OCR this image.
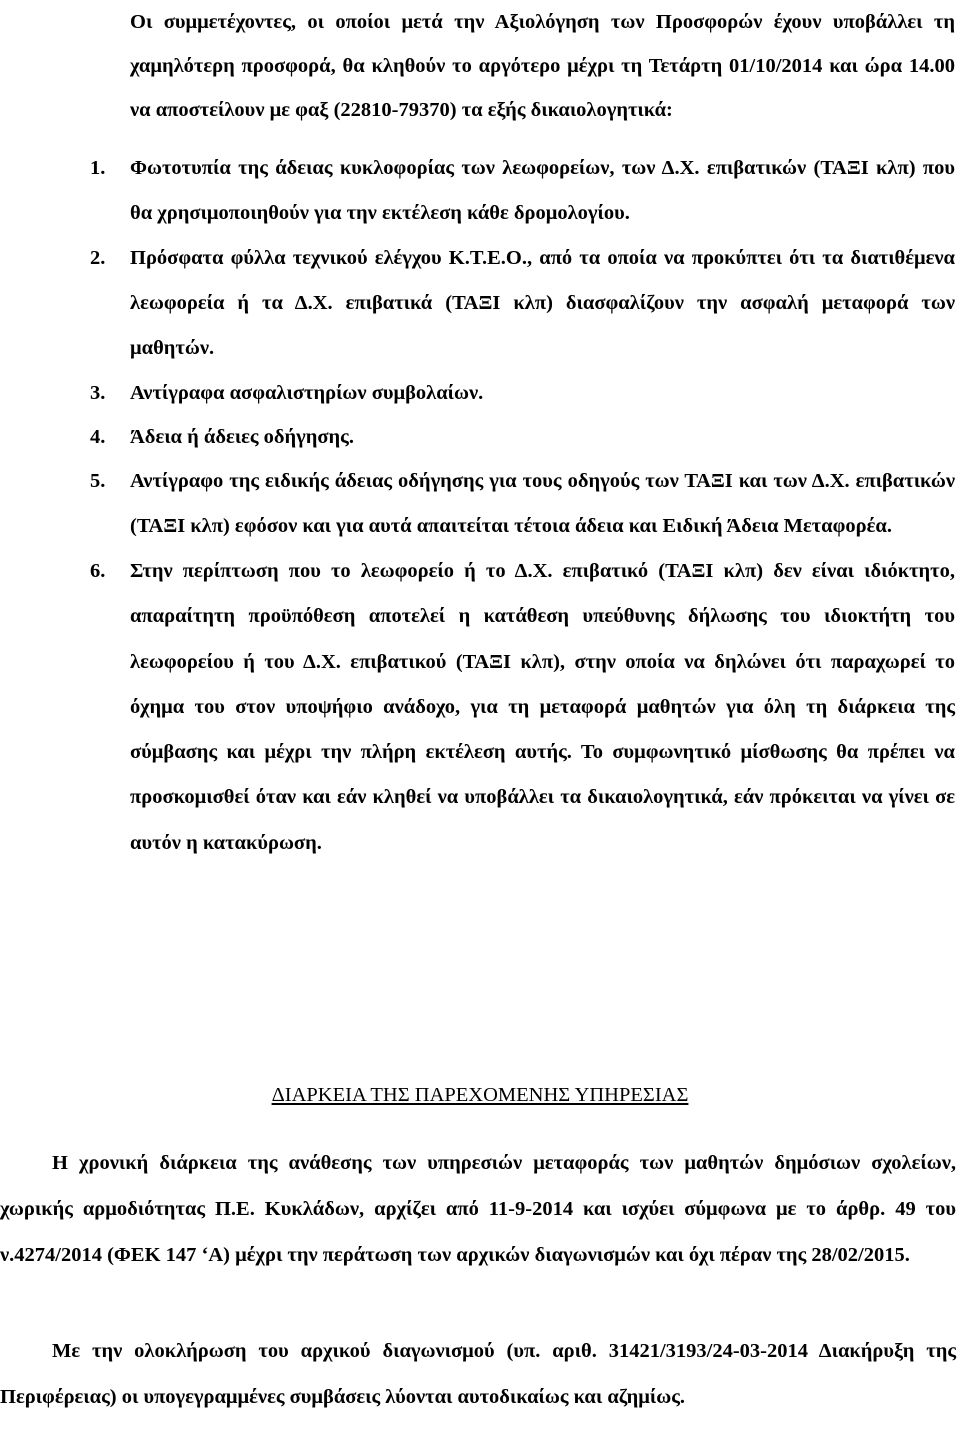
Οι συμμετέχοντες, οι οποίοι μετά την Αξιολόγηση των Προσφορών έχουν υποβάλλει τη χαμηλότερη προσφορά, θα κληθούν το αργότερο μέχρι τη Τετάρτη 01/10/2014 και ώρα 14.00 να αποστείλουν με φαξ (22810-79370) τα εξής δικαιολογητικά:

1. Φωτοτυπία της άδειας κυκλοφορίας των λεωφορείων, των Δ.Χ. επιβατικών (ΤΑΞΙ κλπ) που θα χρησιμοποιηθούν για την εκτέλεση κάθε δρομολογίου.
2. Πρόσφατα φύλλα τεχνικού ελέγχου Κ.Τ.Ε.Ο., από τα οποία να προκύπτει ότι τα διατιθέμενα λεωφορεία ή τα Δ.Χ. επιβατικά (ΤΑΞΙ κλπ) διασφαλίζουν την ασφαλή μεταφορά των μαθητών.
3. Αντίγραφα ασφαλιστηρίων συμβολαίων.
4. Άδεια ή άδειες οδήγησης.
5. Αντίγραφο της ειδικής άδειας οδήγησης για τους οδηγούς των ΤΑΞΙ και των Δ.Χ. επιβατικών (ΤΑΞΙ κλπ) εφόσον και για αυτά απαιτείται τέτοια άδεια και Ειδική Άδεια Μεταφορέα.
6. Στην περίπτωση που το λεωφορείο ή το Δ.Χ. επιβατικό (ΤΑΞΙ κλπ) δεν είναι ιδιόκτητο, απαραίτητη προϋπόθεση αποτελεί η κατάθεση υπεύθυνης δήλωσης του ιδιοκτήτη του λεωφορείου ή του Δ.Χ. επιβατικού (ΤΑΞΙ κλπ), στην οποία να δηλώνει ότι παραχωρεί το όχημα του στον υποψήφιο ανάδοχο, για τη μεταφορά μαθητών για όλη τη διάρκεια της σύμβασης και μέχρι την πλήρη εκτέλεση αυτής. Το συμφωνητικό μίσθωσης θα πρέπει να προσκομισθεί όταν και εάν κληθεί να υποβάλλει τα δικαιολογητικά, εάν πρόκειται να γίνει σε αυτόν η κατακύρωση.
ΔΙΑΡΚΕΙΑ ΤΗΣ ΠΑΡΕΧΟΜΕΝΗΣ ΥΠΗΡΕΣΙΑΣ

Η χρονική διάρκεια της ανάθεσης των υπηρεσιών μεταφοράς των μαθητών δημόσιων σχολείων, χωρικής αρμοδιότητας Π.Ε. Κυκλάδων, αρχίζει από 11-9-2014 και ισχύει σύμφωνα με το άρθρ. 49 του ν.4274/2014 (ΦΕΚ 147 ‘Α) μέχρι την περάτωση των αρχικών διαγωνισμών και όχι πέραν της 28/02/2015.

Με την ολοκλήρωση του αρχικού διαγωνισμού (υπ. αριθ. 31421/3193/24-03-2014 Διακήρυξη της Περιφέρειας) οι υπογεγραμμένες συμβάσεις λύονται αυτοδικαίως και αζημίως.
